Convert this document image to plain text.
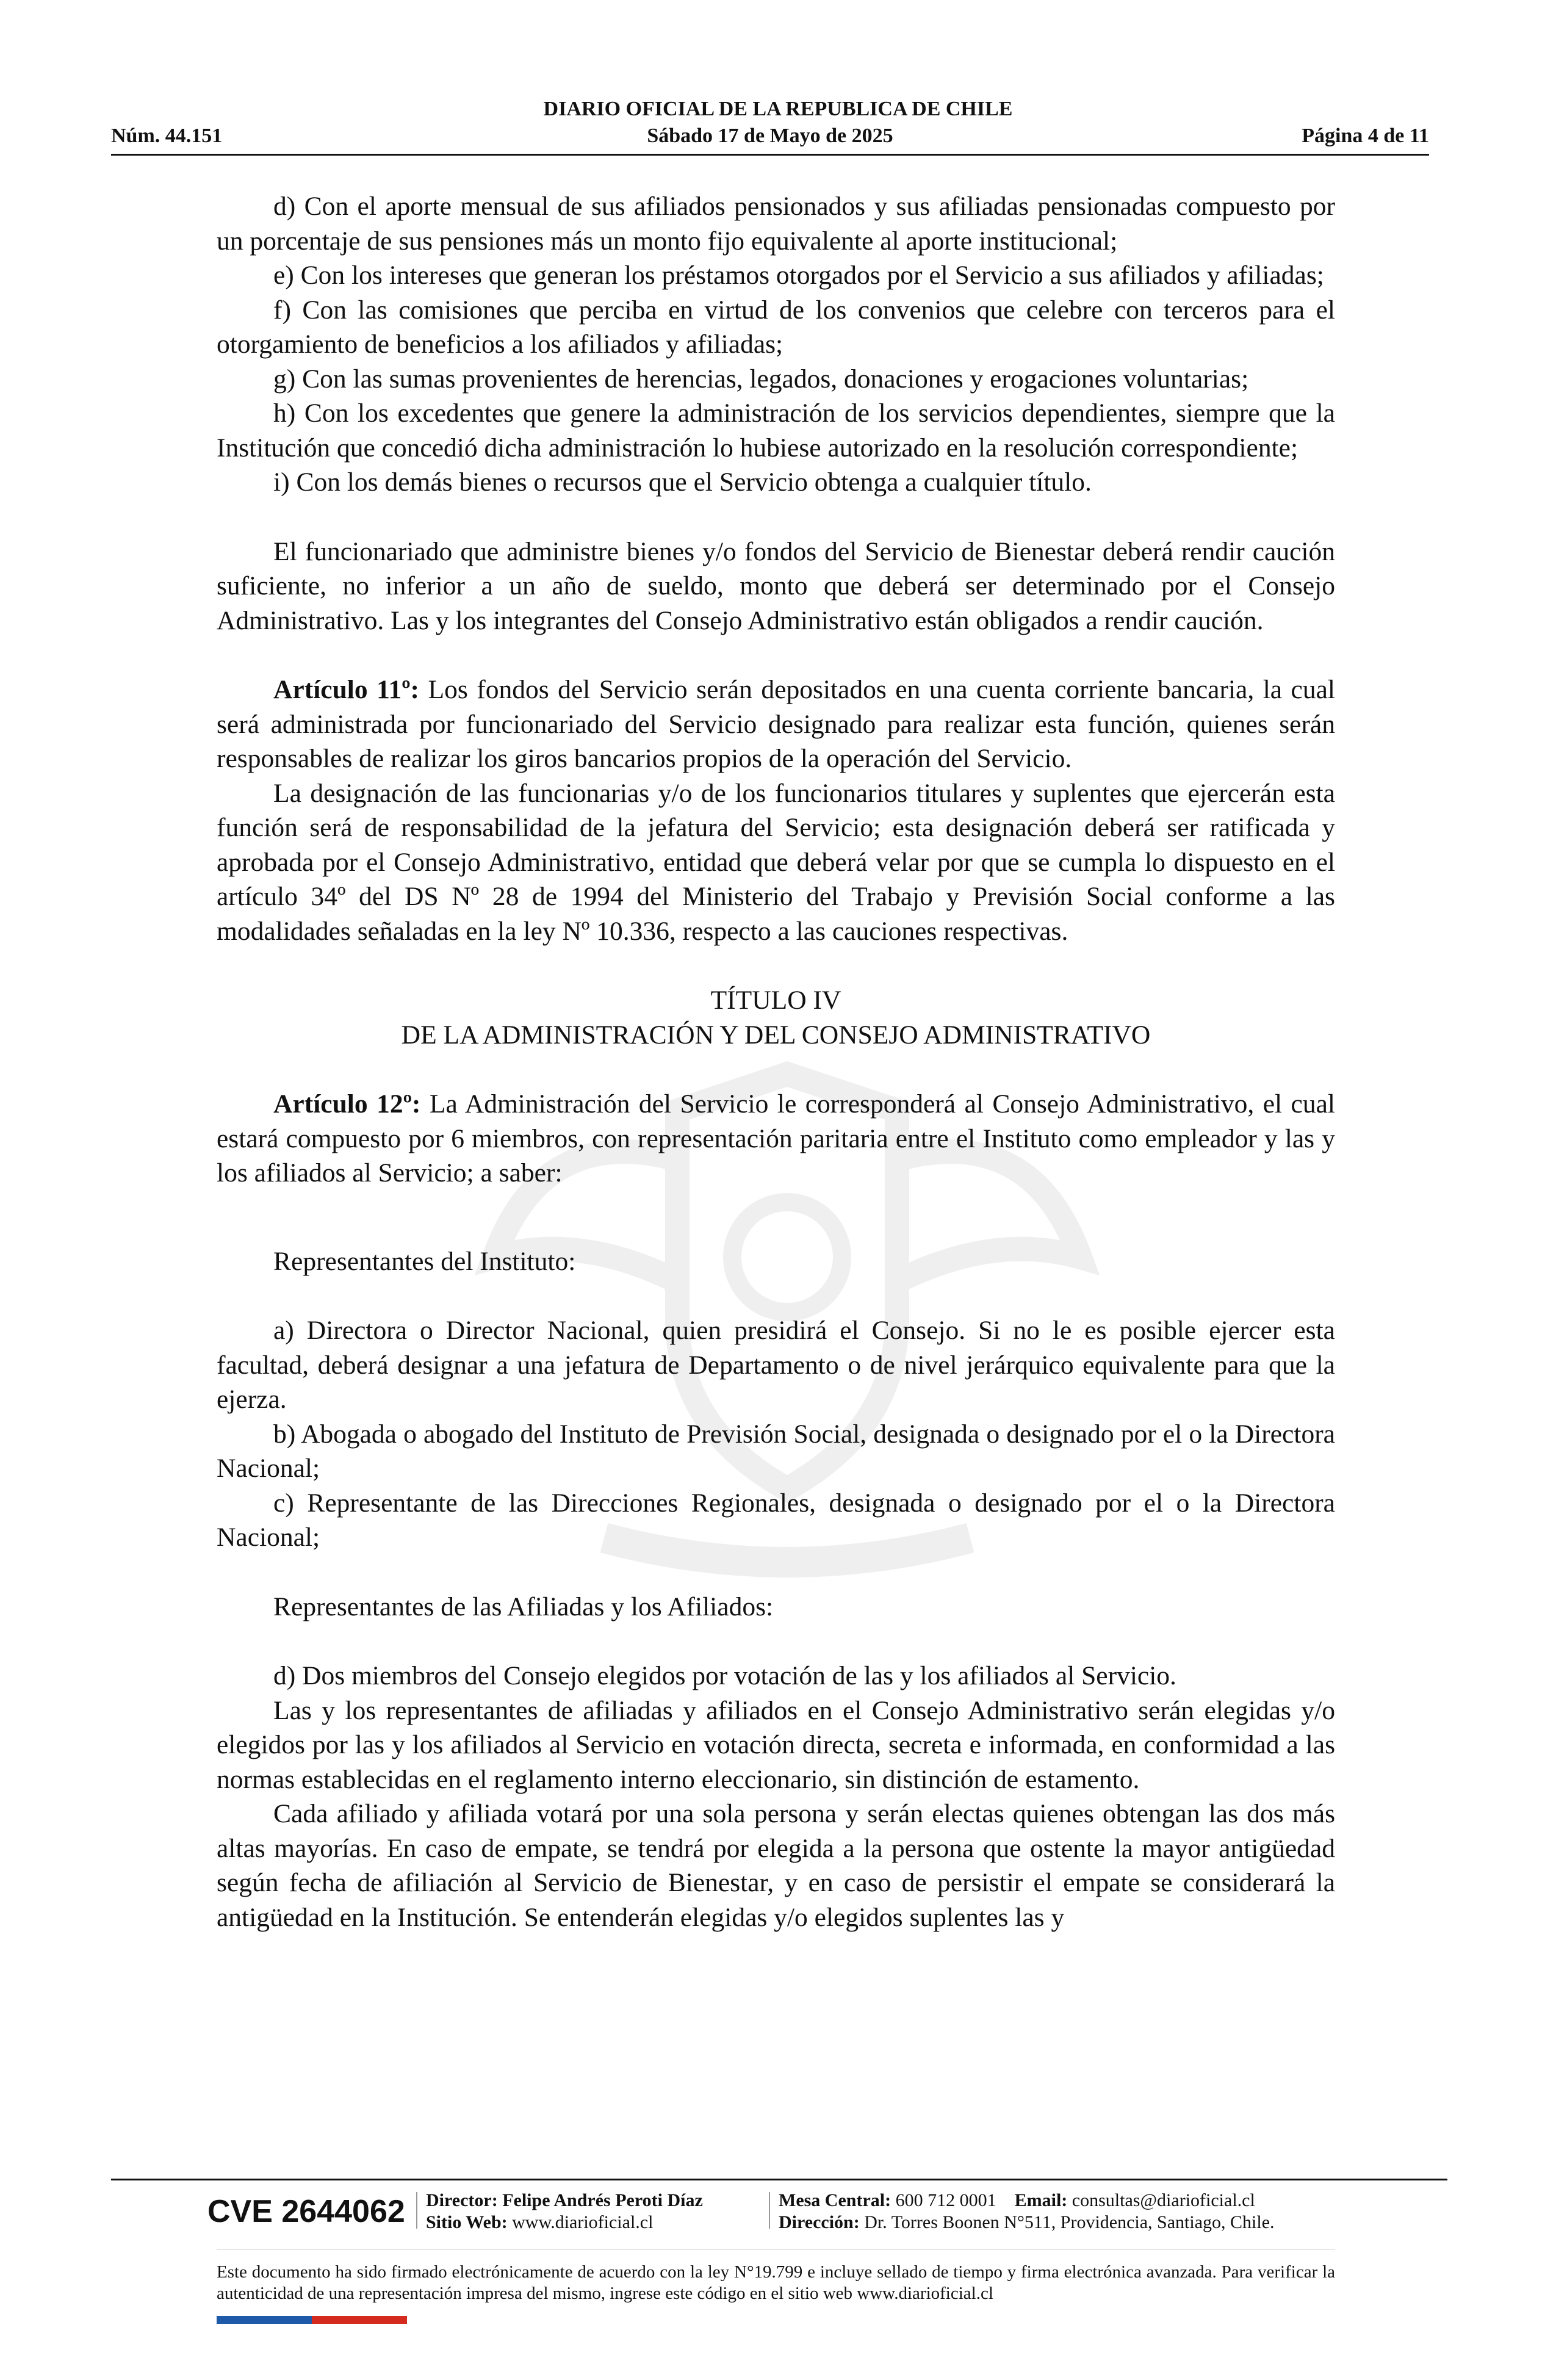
DIARIO OFICIAL DE LA REPUBLICA DE CHILE
Núm. 44.151	Sábado 17 de Mayo de 2025	Página 4 de 11

d) Con el aporte mensual de sus afiliados pensionados y sus afiliadas pensionadas compuesto por un porcentaje de sus pensiones más un monto fijo equivalente al aporte institucional;

e) Con los intereses que generan los préstamos otorgados por el Servicio a sus afiliados y afiliadas;

f) Con las comisiones que perciba en virtud de los convenios que celebre con terceros para el otorgamiento de beneficios a los afiliados y afiliadas;

g) Con las sumas provenientes de herencias, legados, donaciones y erogaciones voluntarias;

h) Con los excedentes que genere la administración de los servicios dependientes, siempre que la Institución que concedió dicha administración lo hubiese autorizado en la resolución correspondiente;

i) Con los demás bienes o recursos que el Servicio obtenga a cualquier título.

El funcionariado que administre bienes y/o fondos del Servicio de Bienestar deberá rendir caución suficiente, no inferior a un año de sueldo, monto que deberá ser determinado por el Consejo Administrativo. Las y los integrantes del Consejo Administrativo están obligados a rendir caución.

Artículo 11º: Los fondos del Servicio serán depositados en una cuenta corriente bancaria, la cual será administrada por funcionariado del Servicio designado para realizar esta función, quienes serán responsables de realizar los giros bancarios propios de la operación del Servicio.

La designación de las funcionarias y/o de los funcionarios titulares y suplentes que ejercerán esta función será de responsabilidad de la jefatura del Servicio; esta designación deberá ser ratificada y aprobada por el Consejo Administrativo, entidad que deberá velar por que se cumpla lo dispuesto en el artículo 34º del DS Nº 28 de 1994 del Ministerio del Trabajo y Previsión Social conforme a las modalidades señaladas en la ley Nº 10.336, respecto a las cauciones respectivas.

TÍTULO IV

DE LA ADMINISTRACIÓN Y DEL CONSEJO ADMINISTRATIVO

Artículo 12º: La Administración del Servicio le corresponderá al Consejo Administrativo, el cual estará compuesto por 6 miembros, con representación paritaria entre el Instituto como empleador y las y los afiliados al Servicio; a saber:

Representantes del Instituto:

a) Directora o Director Nacional, quien presidirá el Consejo. Si no le es posible ejercer esta facultad, deberá designar a una jefatura de Departamento o de nivel jerárquico equivalente para que la ejerza.

b) Abogada o abogado del Instituto de Previsión Social, designada o designado por el o la Directora Nacional;

c) Representante de las Direcciones Regionales, designada o designado por el o la Directora Nacional;

Representantes de las Afiliadas y los Afiliados:

d) Dos miembros del Consejo elegidos por votación de las y los afiliados al Servicio.

Las y los representantes de afiliadas y afiliados en el Consejo Administrativo serán elegidas y/o elegidos por las y los afiliados al Servicio en votación directa, secreta e informada, en conformidad a las normas establecidas en el reglamento interno eleccionario, sin distinción de estamento.

Cada afiliado y afiliada votará por una sola persona y serán electas quienes obtengan las dos más altas mayorías. En caso de empate, se tendrá por elegida a la persona que ostente la mayor antigüedad según fecha de afiliación al Servicio de Bienestar, y en caso de persistir el empate se considerará la antigüedad en la Institución. Se entenderán elegidas y/o elegidos suplentes las y

CVE 2644062 Director: Felipe Andrés Peroti Díaz
Sitio Web: www.diarioficial.cl
Mesa Central: 600 712 0001 Email: consultas@diarioficial.cl
Dirección: Dr. Torres Boonen N°511, Providencia, Santiago, Chile.
Este documento ha sido firmado electrónicamente de acuerdo con la ley N°19.799 e incluye sellado de tiempo y firma electrónica avanzada. Para verificar la autenticidad de una representación impresa del mismo, ingrese este código en el sitio web www.diarioficial.cl
